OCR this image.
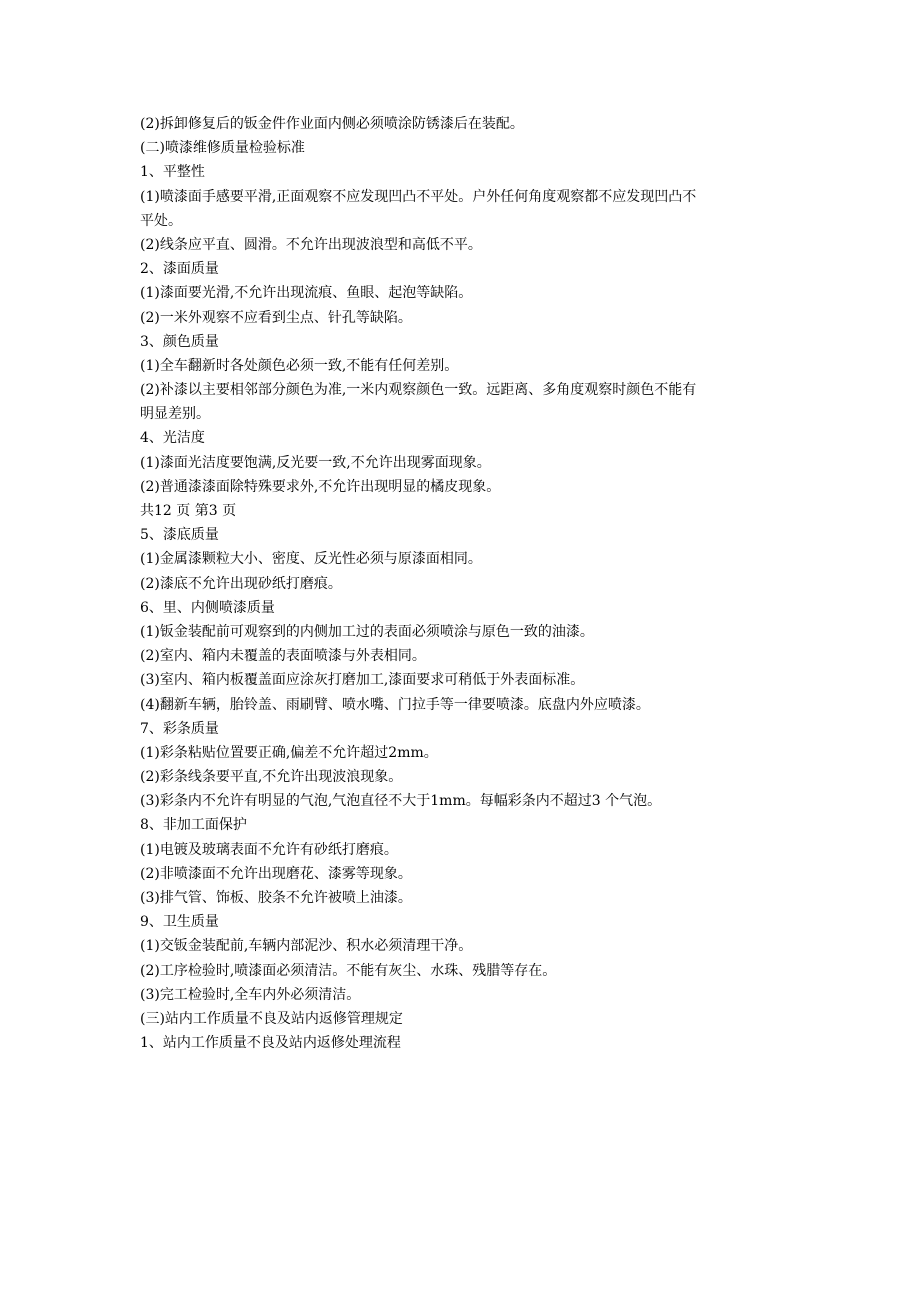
(2)拆卸修复后的钣金件作业面内侧必须喷涂防锈漆后在装配。
(二)喷漆维修质量检验标准
1、平整性
(1)喷漆面手感要平滑,正面观察不应发现凹凸不平处。户外任何角度观察都不应发现凹凸不
平处。
(2)线条应平直、圆滑。不允许出现波浪型和高低不平。
2、漆面质量
(1)漆面要光滑,不允许出现流痕、鱼眼、起泡等缺陷。
(2)一米外观察不应看到尘点、针孔等缺陷。
3、颜色质量
(1)全车翻新时各处颜色必须一致,不能有任何差别。
(2)补漆以主要相邻部分颜色为准,一米内观察颜色一致。远距离、多角度观察时颜色不能有
明显差别。
4、光洁度
(1)漆面光洁度要饱满,反光要一致,不允许出现雾面现象。
(2)普通漆漆面除特殊要求外,不允许出现明显的橘皮现象。
共12 页 第3 页
5、漆底质量
(1)金属漆颗粒大小、密度、反光性必须与原漆面相同。
(2)漆底不允许出现砂纸打磨痕。
6、里、内侧喷漆质量
(1)钣金装配前可观察到的内侧加工过的表面必须喷涂与原色一致的油漆。
(2)室内、箱内未覆盖的表面喷漆与外表相同。
(3)室内、箱内板覆盖面应涂灰打磨加工,漆面要求可稍低于外表面标准。
(4)翻新车辆，胎铃盖、雨刷臂、喷水嘴、门拉手等一律要喷漆。底盘内外应喷漆。
7、彩条质量
(1)彩条粘贴位置要正确,偏差不允许超过2mm。
(2)彩条线条要平直,不允许出现波浪现象。
(3)彩条内不允许有明显的气泡,气泡直径不大于1mm。每幅彩条内不超过3 个气泡。
8、非加工面保护
(1)电镀及玻璃表面不允许有砂纸打磨痕。
(2)非喷漆面不允许出现磨花、漆雾等现象。
(3)排气管、饰板、胶条不允许被喷上油漆。
9、卫生质量
(1)交钣金装配前,车辆内部泥沙、积水必须清理干净。
(2)工序检验时,喷漆面必须清洁。不能有灰尘、水珠、残腊等存在。
(3)完工检验时,全车内外必须清洁。
(三)站内工作质量不良及站内返修管理规定
1、站内工作质量不良及站内返修处理流程
